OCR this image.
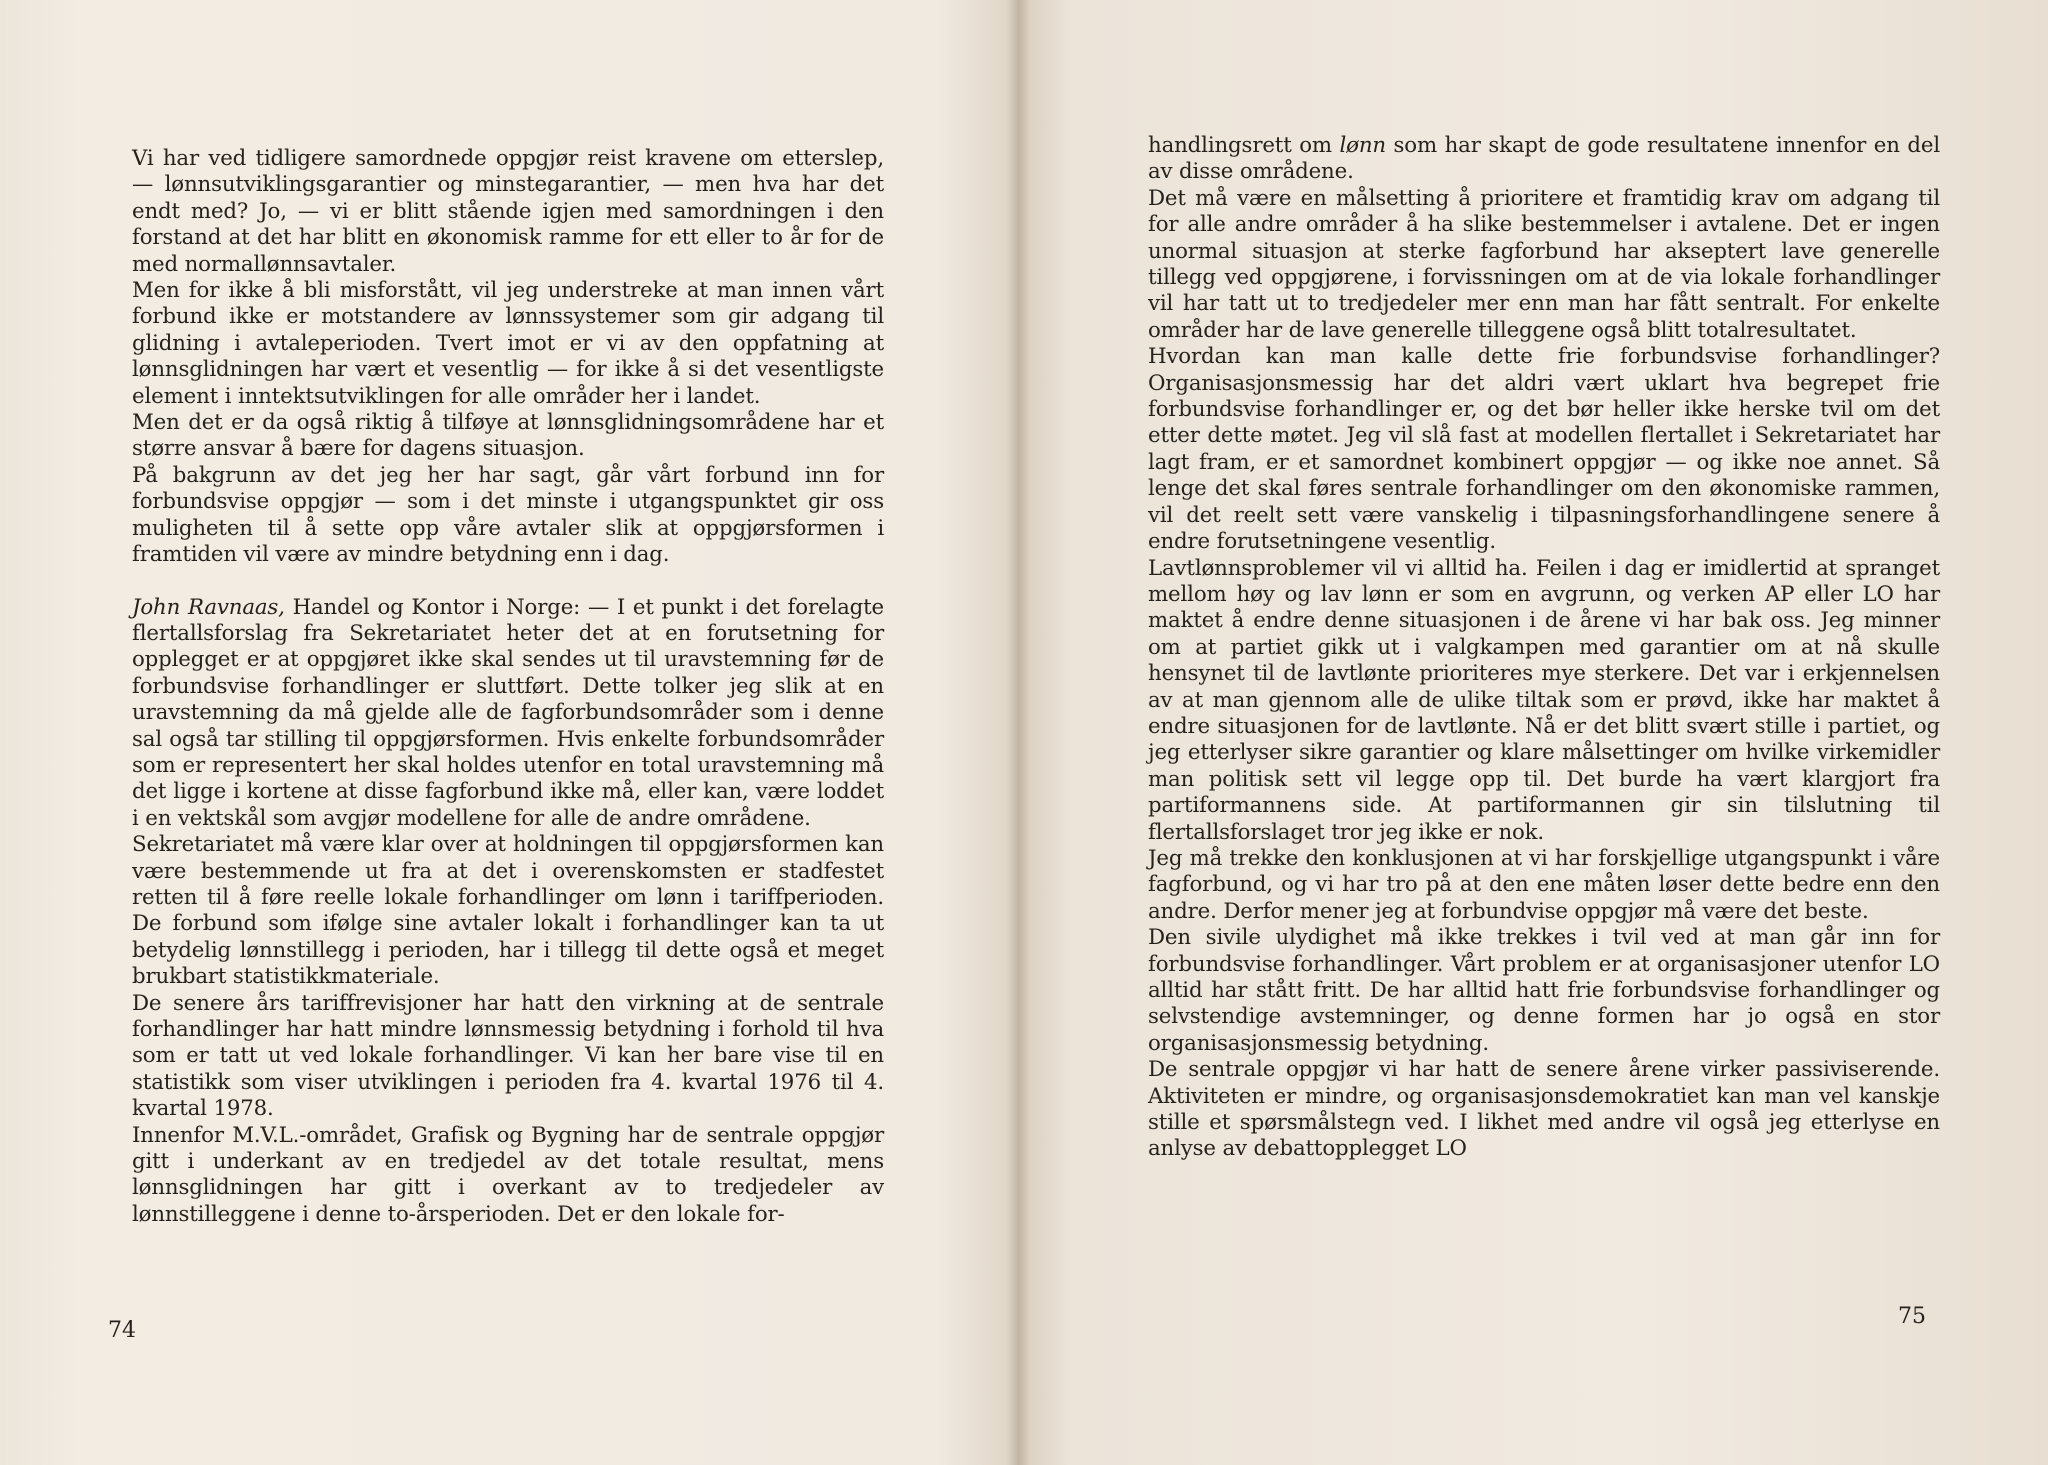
Vi har ved tidligere samordnede oppgjør reist kravene om etterslep, — lønnsutviklingsgarantier og minstegarantier, — men hva har det endt med? Jo, — vi er blitt stående igjen med samordningen i den forstand at det har blitt en økonomisk ramme for ett eller to år for de med normallønnsavtaler.

Men for ikke å bli misforstått, vil jeg understreke at man innen vårt forbund ikke er motstandere av lønnssystemer som gir adgang til glidning i avtaleperioden. Tvert imot er vi av den oppfatning at lønnsglidningen har vært et vesentlig — for ikke å si det vesentligste element i inntektsutviklingen for alle områder her i landet.

Men det er da også riktig å tilføye at lønnsglidningsområdene har et større ansvar å bære for dagens situasjon.

På bakgrunn av det jeg her har sagt, går vårt forbund inn for forbundsvise oppgjør — som i det minste i utgangspunktet gir oss muligheten til å sette opp våre avtaler slik at oppgjørsformen i framtiden vil være av mindre betydning enn i dag.

John Ravnaas, Handel og Kontor i Norge: — I et punkt i det forelagte flertallsforslag fra Sekretariatet heter det at en forutsetning for opplegget er at oppgjøret ikke skal sendes ut til uravstemning før de forbundsvise forhandlinger er sluttført. Dette tolker jeg slik at en uravstemning da må gjelde alle de fagforbundsområder som i denne sal også tar stilling til oppgjørsformen. Hvis enkelte forbundsområder som er representert her skal holdes utenfor en total uravstemning må det ligge i kortene at disse fagforbund ikke må, eller kan, være loddet i en vektskål som avgjør modellene for alle de andre områdene.

Sekretariatet må være klar over at holdningen til oppgjørsformen kan være bestemmende ut fra at det i overenskomsten er stadfestet retten til å føre reelle lokale forhandlinger om lønn i tariffperioden. De forbund som ifølge sine avtaler lokalt i forhandlinger kan ta ut betydelig lønnstillegg i perioden, har i tillegg til dette også et meget brukbart statistikkmateriale.

De senere års tariffrevisjoner har hatt den virkning at de sentrale forhandlinger har hatt mindre lønnsmessig betydning i forhold til hva som er tatt ut ved lokale forhandlinger. Vi kan her bare vise til en statistikk som viser utviklingen i perioden fra 4. kvartal 1976 til 4. kvartal 1978.

Innenfor M.V.L.-området, Grafisk og Bygning har de sentrale oppgjør gitt i underkant av en tredjedel av det totale resultat, mens lønnsglidningen har gitt i overkant av to tredjedeler av lønnstilleggene i denne to-årsperioden. Det er den lokale for-

74

handlingsrett om lønn som har skapt de gode resultatene innenfor en del av disse områdene.

Det må være en målsetting å prioritere et framtidig krav om adgang til for alle andre områder å ha slike bestemmelser i avtalene. Det er ingen unormal situasjon at sterke fagforbund har akseptert lave generelle tillegg ved oppgjørene, i forvissningen om at de via lokale forhandlinger vil har tatt ut to tredjedeler mer enn man har fått sentralt. For enkelte områder har de lave generelle tilleggene også blitt totalresultatet.

Hvordan kan man kalle dette frie forbundsvise forhandlinger? Organisasjonsmessig har det aldri vært uklart hva begrepet frie forbundsvise forhandlinger er, og det bør heller ikke herske tvil om det etter dette møtet. Jeg vil slå fast at modellen flertallet i Sekretariatet har lagt fram, er et samordnet kombinert oppgjør — og ikke noe annet. Så lenge det skal føres sentrale forhandlinger om den økonomiske rammen, vil det reelt sett være vanskelig i tilpasningsforhandlingene senere å endre forutsetningene vesentlig.

Lavtlønnsproblemer vil vi alltid ha. Feilen i dag er imidlertid at spranget mellom høy og lav lønn er som en avgrunn, og verken AP eller LO har maktet å endre denne situasjonen i de årene vi har bak oss. Jeg minner om at partiet gikk ut i valgkampen med garantier om at nå skulle hensynet til de lavtlønte prioriteres mye sterkere. Det var i erkjennelsen av at man gjennom alle de ulike tiltak som er prøvd, ikke har maktet å endre situasjonen for de lavtlønte. Nå er det blitt svært stille i partiet, og jeg etterlyser sikre garantier og klare målsettinger om hvilke virkemidler man politisk sett vil legge opp til. Det burde ha vært klargjort fra partiformannens side. At partiformannen gir sin tilslutning til flertallsforslaget tror jeg ikke er nok.

Jeg må trekke den konklusjonen at vi har forskjellige utgangspunkt i våre fagforbund, og vi har tro på at den ene måten løser dette bedre enn den andre. Derfor mener jeg at forbundvise oppgjør må være det beste.

Den sivile ulydighet må ikke trekkes i tvil ved at man går inn for forbundsvise forhandlinger. Vårt problem er at organisasjoner utenfor LO alltid har stått fritt. De har alltid hatt frie forbundsvise forhandlinger og selvstendige avstemninger, og denne formen har jo også en stor organisasjonsmessig betydning.

De sentrale oppgjør vi har hatt de senere årene virker passiviserende. Aktiviteten er mindre, og organisasjonsdemokratiet kan man vel kanskje stille et spørsmålstegn ved. I likhet med andre vil også jeg etterlyse en anlyse av debattopplegget LO

75
